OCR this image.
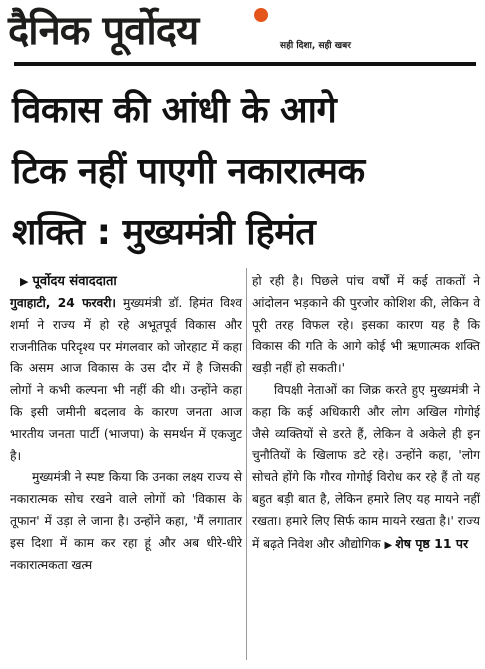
दैनिक पूर्वोदय	सही दिशा, सही खबर
विकास की आंधी के आगे
टिक नहीं पाएगी नकारात्मक
शक्ति : मुख्यमंत्री हिमंत

▶ पूर्वोदय संवाददाता

गुवाहाटी, 24 फरवरी। मुख्यमंत्री डॉ. हिमंत विश्व शर्मा ने राज्य में हो रहे अभूतपूर्व विकास और राजनीतिक परिदृश्य पर मंगलवार को जोरहाट में कहा कि असम आज विकास के उस दौर में है जिसकी लोगों ने कभी कल्पना भी नहीं की थी। उन्होंने कहा कि इसी जमीनी बदलाव के कारण जनता आज भारतीय जनता पार्टी (भाजपा) के समर्थन में एकजुट है।

मुख्यमंत्री ने स्पष्ट किया कि उनका लक्ष्य राज्य से नकारात्मक सोच रखने वाले लोगों को 'विकास के तूफान' में उड़ा ले जाना है। उन्होंने कहा, 'मैं लगातार इस दिशा में काम कर रहा हूं और अब धीरे-धीरे नकारात्मकता खत्म

हो रही है। पिछले पांच वर्षों में कई ताकतों ने आंदोलन भड़काने की पुरजोर कोशिश की, लेकिन वे पूरी तरह विफल रहे। इसका कारण यह है कि विकास की गति के आगे कोई भी ऋणात्मक शक्ति खड़ी नहीं हो सकती।'

विपक्षी नेताओं का जिक्र करते हुए मुख्यमंत्री ने कहा कि कई अधिकारी और लोग अखिल गोगोई जैसे व्यक्तियों से डरते हैं, लेकिन वे अकेले ही इन चुनौतियों के खिलाफ डटे रहे। उन्होंने कहा, 'लोग सोचते होंगे कि गौरव गोगोई विरोध कर रहे हैं तो यह बहुत बड़ी बात है, लेकिन हमारे लिए यह मायने नहीं रखता। हमारे लिए सिर्फ काम मायने रखता है।' राज्य में बढ़ते निवेश और औद्योगिक ▶ शेष पृष्ठ 11 पर
